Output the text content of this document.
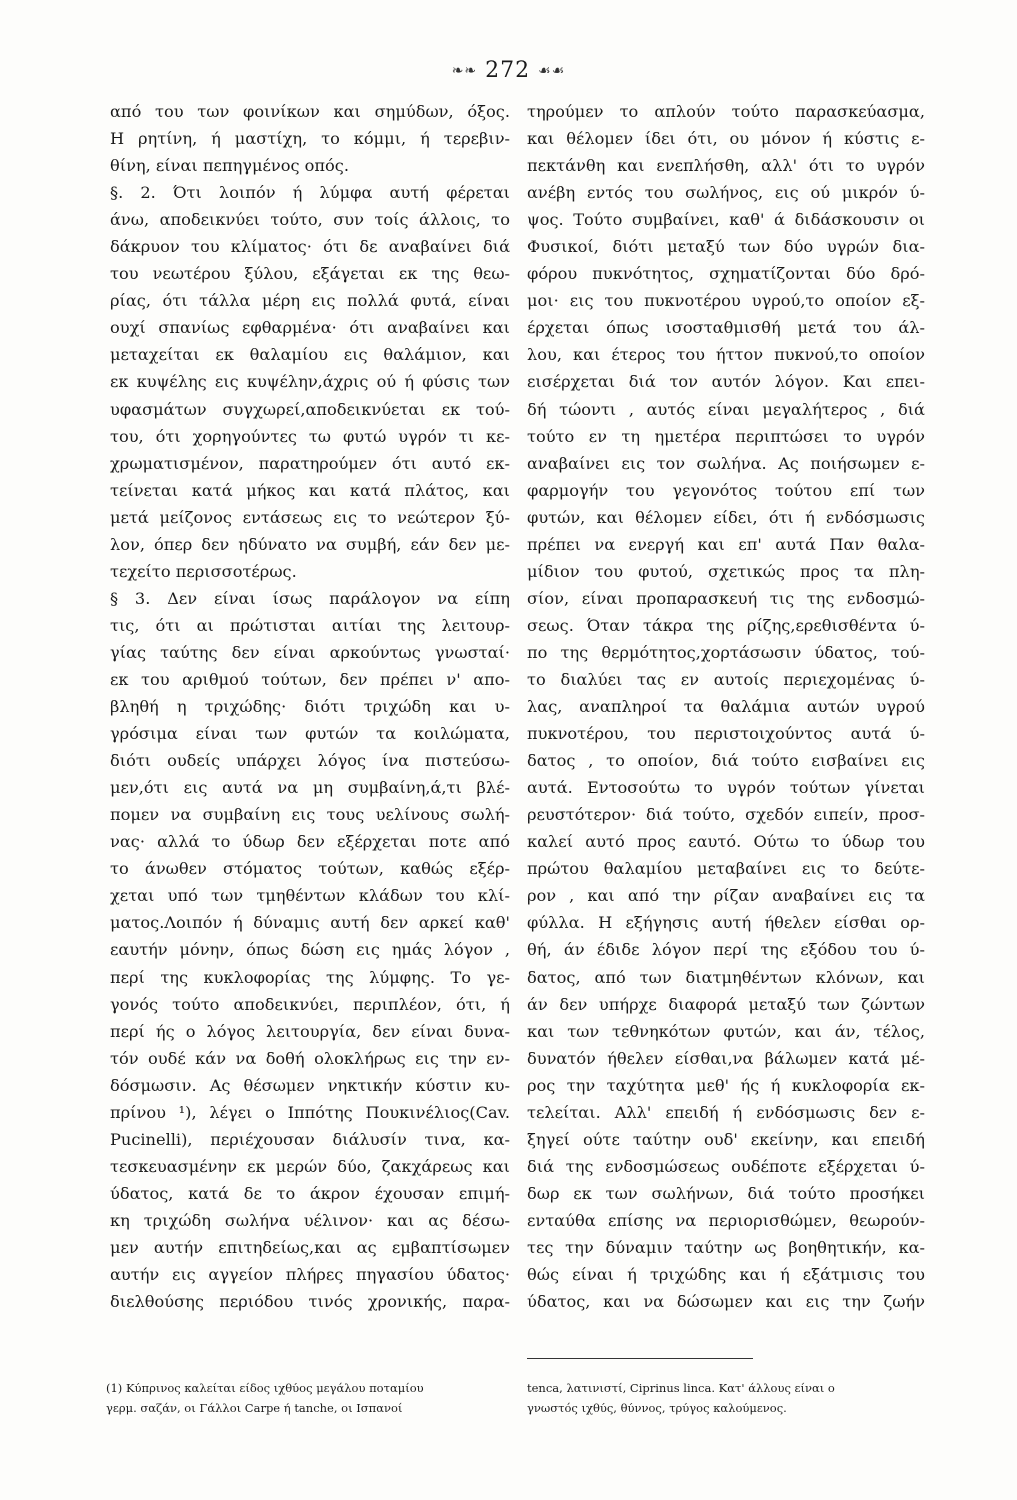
❧❧ 272 ☙☙

από του των φοινίκων και σημύδων, όξος.

Η ρητίνη, ή μαστίχη, το κόμμι, ή τερεβιν-

θίνη, είναι πεπηγμένος οπός.

§. 2. Ότι λοιπόν ή λύμφα αυτή φέρεται

άνω, αποδεικνύει τούτο, συν τοίς άλλοις, το

δάκρυον του κλίματος· ότι δε αναβαίνει διά

του νεωτέρου ξύλου, εξάγεται εκ της θεω-

ρίας, ότι τάλλα μέρη εις πολλά φυτά, είναι

ουχί σπανίως εφθαρμένα· ότι αναβαίνει και

μεταχείται εκ θαλαμίου εις θαλάμιον, και

εκ κυψέλης εις κυψέλην,άχρις ού ή φύσις των

υφασμάτων συγχωρεί,αποδεικνύεται εκ τού-

του, ότι χορηγούντες τω φυτώ υγρόν τι κε-

χρωματισμένον, παρατηρούμεν ότι αυτό εκ-

τείνεται κατά μήκος και κατά πλάτος, και

μετά μείζονος εντάσεως εις το νεώτερον ξύ-

λον, όπερ δεν ηδύνατο να συμβή, εάν δεν με-

τεχείτο περισσοτέρως.

§ 3. Δεν είναι ίσως παράλογον να είπη

τις, ότι αι πρώτισται αιτίαι της λειτουρ-

γίας ταύτης δεν είναι αρκούντως γνωσταί·

εκ του αριθμού τούτων, δεν πρέπει ν' απο-

βληθή η τριχώδης· διότι τριχώδη και υ-

γρόσιμα είναι των φυτών τα κοιλώματα,

διότι ουδείς υπάρχει λόγος ίνα πιστεύσω-

μεν,ότι εις αυτά να μη συμβαίνη,ά,τι βλέ-

πομεν να συμβαίνη εις τους υελίνους σωλή-

νας· αλλά το ύδωρ δεν εξέρχεται ποτε από

το άνωθεν στόματος τούτων, καθώς εξέρ-

χεται υπό των τμηθέντων κλάδων του κλί-

ματος.Λοιπόν ή δύναμις αυτή δεν αρκεί καθ'

εαυτήν μόνην, όπως δώση εις ημάς λόγον ,

περί της κυκλοφορίας της λύμφης. Το γε-

γονός τούτο αποδεικνύει, περιπλέον, ότι, ή

περί ής ο λόγος λειτουργία, δεν είναι δυνα-

τόν ουδέ κάν να δοθή ολοκλήρως εις την εν-

δόσμωσιν. Ας θέσωμεν νηκτικήν κύστιν κυ-

πρίνου ¹), λέγει ο Ιππότης Πουκινέλιος(Cav.

Pucinelli), περιέχουσαν διάλυσίν τινα, κα-

τεσκευασμένην εκ μερών δύο, ζακχάρεως και

ύδατος, κατά δε το άκρον έχουσαν επιμή-

κη τριχώδη σωλήνα υέλινον· και ας δέσω-

μεν αυτήν επιτηδείως,και ας εμβαπτίσωμεν

αυτήν εις αγγείον πλήρες πηγασίου ύδατος·

διελθούσης περιόδου τινός χρονικής, παρα-

τηρούμεν το απλούν τούτο παρασκεύασμα,

και θέλομεν ίδει ότι, ου μόνον ή κύστις ε-

πεκτάνθη και ενεπλήσθη, αλλ' ότι το υγρόν

ανέβη εντός του σωλήνος, εις ού μικρόν ύ-

ψος. Τούτο συμβαίνει, καθ' ά διδάσκουσιν οι

Φυσικοί, διότι μεταξύ των δύο υγρών δια-

φόρου πυκνότητος, σχηματίζονται δύο δρό-

μοι· εις του πυκνοτέρου υγρού,το οποίον εξ-

έρχεται όπως ισοσταθμισθή μετά του άλ-

λου, και έτερος του ήττον πυκνού,το οποίον

εισέρχεται διά τον αυτόν λόγον. Και επει-

δή τώοντι , αυτός είναι μεγαλήτερος , διά

τούτο εν τη ημετέρα περιπτώσει το υγρόν

αναβαίνει εις τον σωλήνα. Ας ποιήσωμεν ε-

φαρμογήν του γεγονότος τούτου επί των

φυτών, και θέλομεν είδει, ότι ή ενδόσμωσις

πρέπει να ενεργή και επ' αυτά Παν θαλα-

μίδιον του φυτού, σχετικώς προς τα πλη-

σίον, είναι προπαρασκευή τις της ενδοσμώ-

σεως. Όταν τάκρα της ρίζης,ερεθισθέντα ύ-

πο της θερμότητος,χορτάσωσιν ύδατος, τού-

το διαλύει τας εν αυτοίς περιεχομένας ύ-

λας, αναπληροί τα θαλάμια αυτών υγρού

πυκνοτέρου, του περιστοιχούντος αυτά ύ-

δατος , το οποίον, διά τούτο εισβαίνει εις

αυτά. Εντοσούτω το υγρόν τούτων γίνεται

ρευστότερον· διά τούτο, σχεδόν ειπείν, προσ-

καλεί αυτό προς εαυτό. Ούτω το ύδωρ του

πρώτου θαλαμίου μεταβαίνει εις το δεύτε-

ρον , και από την ρίζαν αναβαίνει εις τα

φύλλα. Η εξήγησις αυτή ήθελεν είσθαι ορ-

θή, άν έδιδε λόγον περί της εξόδου του ύ-

δατος, από των διατμηθέντων κλόνων, και

άν δεν υπήρχε διαφορά μεταξύ των ζώντων

και των τεθνηκότων φυτών, και άν, τέλος,

δυνατόν ήθελεν είσθαι,να βάλωμεν κατά μέ-

ρος την ταχύτητα μεθ' ής ή κυκλοφορία εκ-

τελείται. Αλλ' επειδή ή ενδόσμωσις δεν ε-

ξηγεί ούτε ταύτην ουδ' εκείνην, και επειδή

διά της ενδοσμώσεως ουδέποτε εξέρχεται ύ-

δωρ εκ των σωλήνων, διά τούτο προσήκει

ενταύθα επίσης να περιορισθώμεν, θεωρούν-

τες την δύναμιν ταύτην ως βοηθητικήν, κα-

θώς είναι ή τριχώδης και ή εξάτμισις του

ύδατος, και να δώσωμεν και εις την ζωήν

(1) Κύπρινος καλείται είδος ιχθύος μεγάλου ποταμίου
γερμ. σαζάν, οι Γάλλοι Carpe ή tanche, οι Ισπανοί
tenca, λατινιστί, Ciprinus linca. Κατ' άλλους είναι ο
γνωστός ιχθύς, θύννος, τρύγος καλούμενος.
